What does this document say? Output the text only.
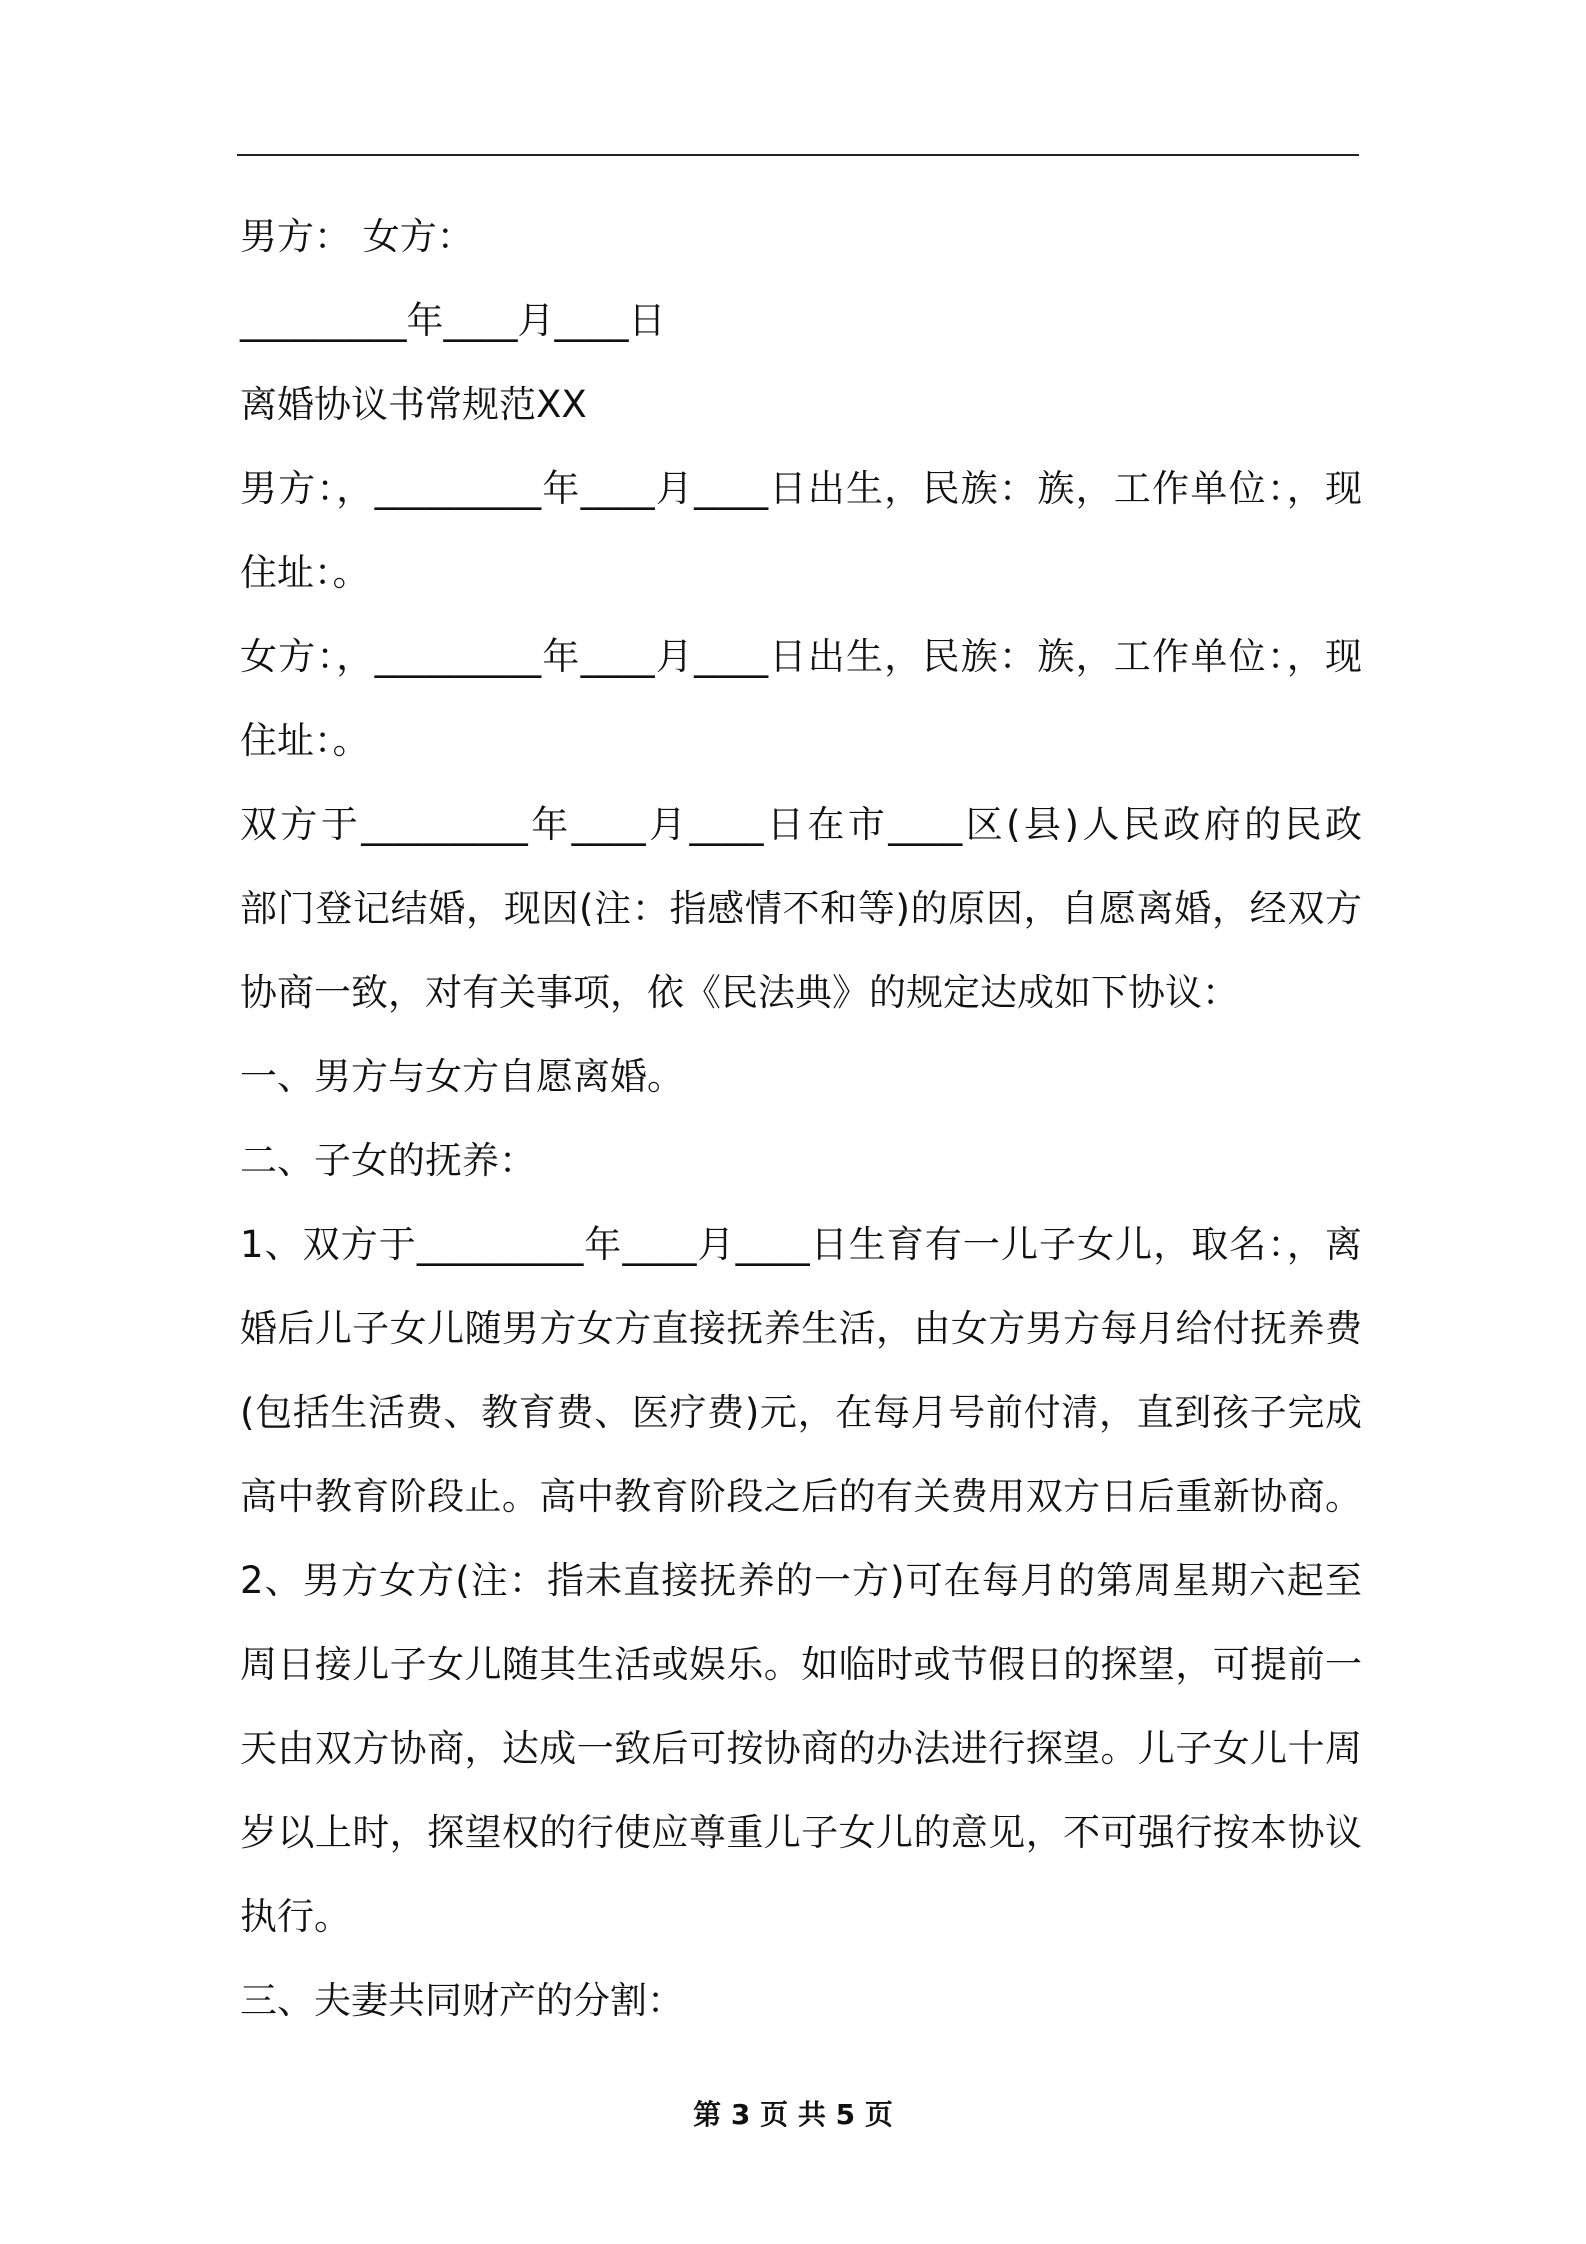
男方： 女方：
_________年____月____日
离婚协议书常规范XX
男方：，_________年____月____日出生，民族：族，工作单位：，现
住址：。
女方：，_________年____月____日出生，民族：族，工作单位：，现
住址：。
双方于_________年____月____日在市____区(县)人民政府的民政
部门登记结婚，现因(注：指感情不和等)的原因，自愿离婚，经双方
协商一致，对有关事项，依《民法典》的规定达成如下协议：
一、男方与女方自愿离婚。
二、子女的抚养：
1、双方于_________年____月____日生育有一儿子女儿，取名：，离
婚后儿子女儿随男方女方直接抚养生活，由女方男方每月给付抚养费
(包括生活费、教育费、医疗费)元，在每月号前付清，直到孩子完成
高中教育阶段止。高中教育阶段之后的有关费用双方日后重新协商。
2、男方女方(注：指未直接抚养的一方)可在每月的第周星期六起至
周日接儿子女儿随其生活或娱乐。如临时或节假日的探望，可提前一
天由双方协商，达成一致后可按协商的办法进行探望。儿子女儿十周
岁以上时，探望权的行使应尊重儿子女儿的意见，不可强行按本协议
执行。
三、夫妻共同财产的分割：
第 3 页 共 5 页
